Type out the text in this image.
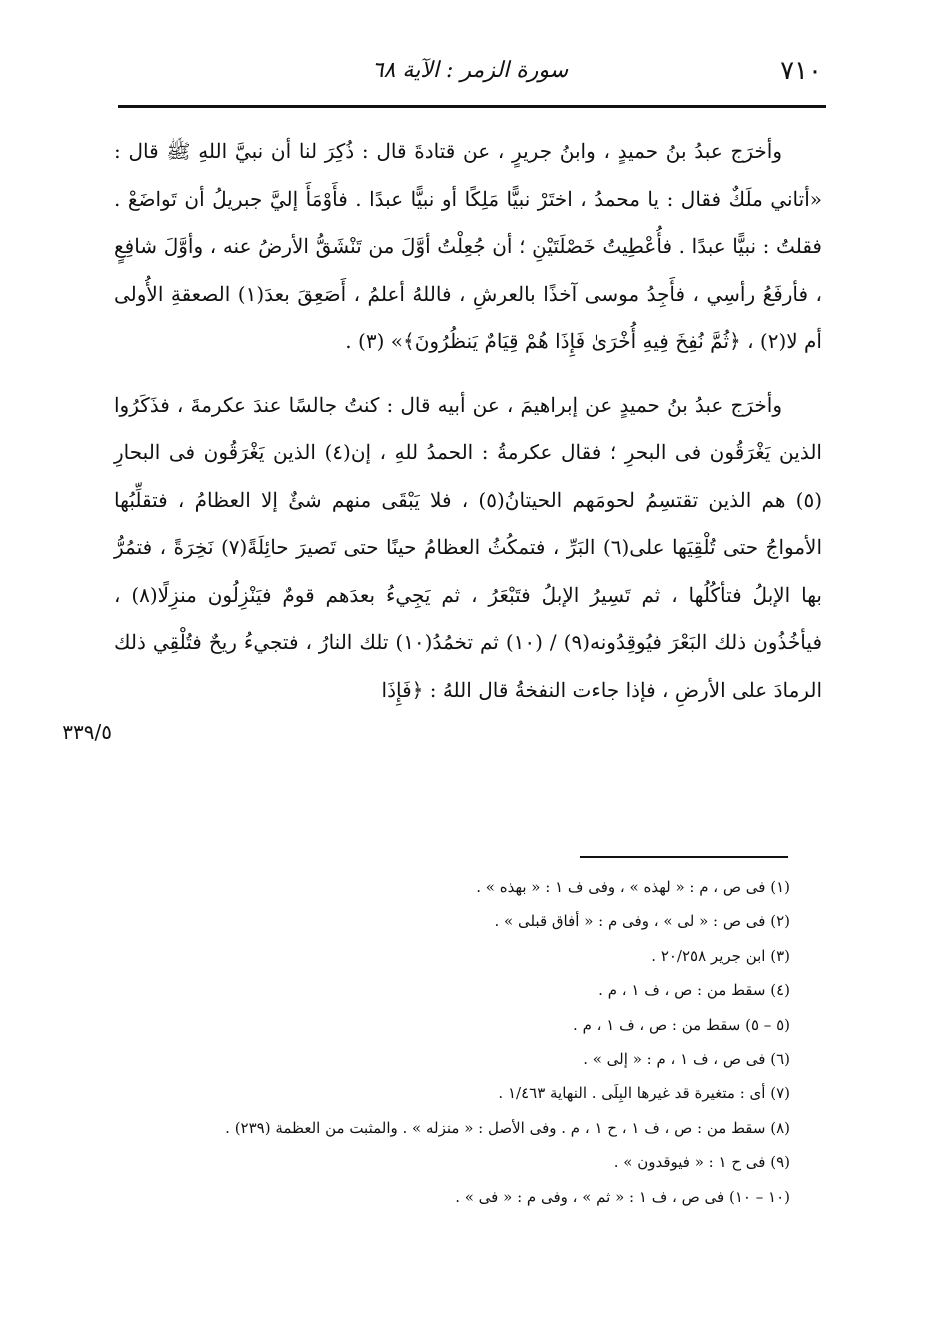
٧١٠
سورة الزمر : الآية ٦٨

وأخرَج عبدُ بنُ حميدٍ ، وابنُ جريرٍ ، عن قتادةَ قال : ذُكِرَ لنا أن نبيَّ اللهِ ﷺ قال : «أتاني ملَكٌ فقال : يا محمدُ ، اختَرْ نبيًّا مَلِكًا أو نبيًّا عبدًا . فأَوْمَأَ إليَّ جبريلُ أن تَواضَعْ . فقلتُ : نبيًّا عبدًا . فأُعْطِيتُ خَصْلَتَيْنِ ؛ أن جُعِلْتُ أوَّلَ من تَنْشَقُّ الأرضُ عنه ، وأوَّلَ شافِعٍ ، فأرفَعُ رأسِي ، فأَجِدُ موسى آخذًا بالعرشِ ، فاللهُ أعلمُ ، أَصَعِقَ بعدَ(١) الصعقةِ الأُولى أم لا(٢) ، ﴿ثُمَّ نُفِخَ فِيهِ أُخْرَىٰ فَإِذَا هُمْ قِيَامٌ يَنظُرُونَ﴾» (٣) .

وأخرَج عبدُ بنُ حميدٍ عن إبراهيمَ ، عن أبيه قال : كنتُ جالسًا عندَ عكرمةَ ، فذَكَرُوا الذين يَغْرَقُون فى البحرِ ؛ فقال عكرمةُ : الحمدُ للهِ ، إن(٤) الذين يَغْرَقُون فى البحارِ (٥) هم الذين تقتسِمُ لحومَهم الحيتانُ(٥) ، فلا يَبْقَى منهم شئٌ إلا العظامُ ، فتقلِّبُها الأمواجُ حتى تُلْقِيَها على(٦) البَرِّ ، فتمكُثُ العظامُ حينًا حتى تَصيرَ حائِلَةً(٧) نَخِرَةً ، فتمُرُّ بها الإبلُ فتأكُلُها ، ثم تَسِيرُ الإبلُ فتَبْعَرُ ، ثم يَجِيءُ بعدَهم قومٌ فيَنْزِلُون منزِلًا(٨) ، فيأخُذُون ذلك البَعْرَ فيُوقِدُونه(٩) / (١٠) ثم تخمُدُ(١٠) تلك النارُ ، فتجيءُ ريحٌ فتُلْقِي ذلك الرمادَ على الأرضِ ، فإذا جاءت النفخةُ قال اللهُ : ﴿فَإِذَا

٣٣٩/٥
(١) فى ص ، م : « لهذه » ، وفى ف ١ : « بهذه » .
(٢) فى ص : « لى » ، وفى م : « أفاق قبلى » .
(٣) ابن جرير ٢٠/٢٥٨ .
(٤) سقط من : ص ، ف ١ ، م .
(٥ – ٥) سقط من : ص ، ف ١ ، م .
(٦) فى ص ، ف ١ ، م : « إلى » .
(٧) أى : متغيرة قد غيرها البِلَى . النهاية ١/٤٦٣ .
(٨) سقط من : ص ، ف ١ ، ح ١ ، م . وفى الأصل : « منزله » . والمثبت من العظمة (٢٣٩) .
(٩) فى ح ١ : « فيوقدون » .
(١٠ – ١٠) فى ص ، ف ١ : « ثم » ، وفى م : « فى » .
